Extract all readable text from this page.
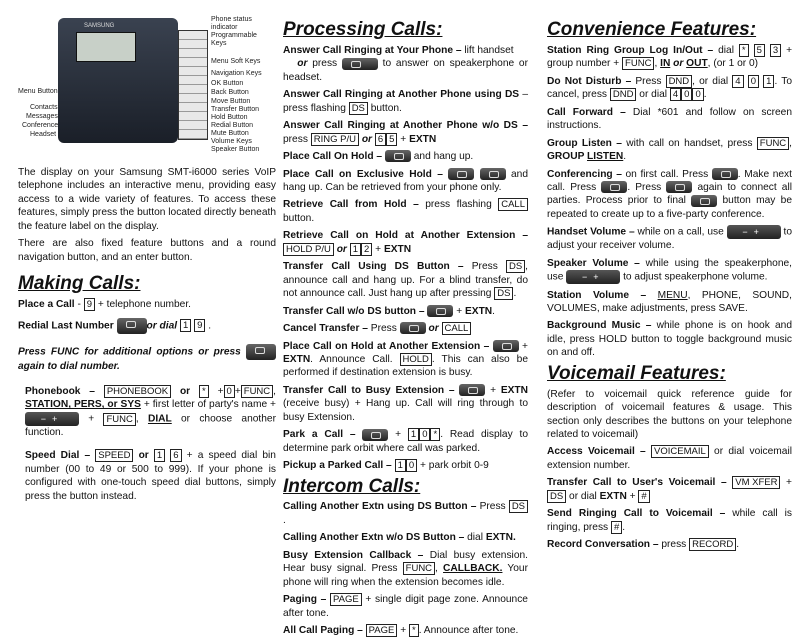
SAMSUNG
Phone status indicator
Programmable Keys
Menu Soft Keys
Navigation Keys
OK Button
Back Button
Move Button
Transfer Button
Hold Button
Redial Button
Mute Button
Volume Keys
Speaker Button
Menu Button
Contacts
Messages
Conference
Headset
The display on your Samsung SMT-i6000 series VoIP telephone includes an interactive menu, providing easy access to a wide variety of features. To access these features, simply press the button located directly beneath the feature label on the display.
There are also fixed feature buttons and a round navigation button, and an enter button.
Making Calls:
Place a Call - 9 + telephone number.
Redial Last Number	or dial 1 9 .
Press FUNC for additional options or press  again to dial number.
Phonebook – PHONEBOOK or * + 0 + FUNC , STATION, PERS, or SYS + first letter of party's name + −+ + FUNC , DIAL or choose another function.
Speed Dial – SPEED or 1 6 + a speed dial bin number (00 to 49 or 500 to 999). If your phone is configured with one-touch speed dial buttons, simply press the button instead.
Processing Calls:
Answer Call Ringing at Your Phone – lift handset
or press	to answer on speakerphone or headset.
Answer Call Ringing at Another Phone using DS – press flashing DS button.
Answer Call Ringing at Another Phone w/o DS – press RING P/U or 6 5 + EXTN
Place Call On Hold –	and hang up.
Place Call on Exclusive Hold –	and hang up. Can be retrieved from your phone only.
Retrieve Call from Hold – press flashing CALL button.
Retrieve Call on Hold at Another Extension – HOLD P/U or 1 2 + EXTN
Transfer Call Using DS Button – Press DS , announce call and hang up. For a blind transfer, do not announce call. Just hang up after pressing DS .
Transfer Call w/o DS button –	+ EXTN.
Cancel Transfer – Press	or CALL
Place Call on Hold at Another Extension –	+ EXTN. Announce Call. HOLD . This can also be performed if destination extension is busy.
Transfer Call to Busy Extension –	+ EXTN (receive busy) + Hang up. Call will ring through to busy Extension.
Park a Call –	+ 1 0 * . Read display to determine park orbit where call was parked.
Pickup a Parked Call – 1 0 + park orbit 0-9
Intercom Calls:
Calling Another Extn using DS Button – Press DS.
Calling Another Extn w/o DS Button – dial EXTN.
Busy Extension Callback – Dial busy extension. Hear busy signal. Press FUNC , CALLBACK. Your phone will ring when the extension becomes idle.
Paging – PAGE + single digit page zone. Announce after tone.
All Call Paging – PAGE + * . Announce after tone.
Convenience Features:
Station Ring Group Log In/Out – dial * 5 3 + group number + FUNC , IN or OUT, (or 1 or 0)
Do Not Disturb – Press DND , or dial 4 0 1 . To cancel, press DND or dial 4 0 0 .
Call Forward – Dial *601 and follow on screen instructions.
Group Listen – with call on handset, press FUNC , GROUP LISTEN.
Conferencing – on first call. Press	. Make next call. Press	. Press	again to connect all parties. Process prior to final	button may be repeated to create up to a five-party conference.
Handset Volume – while on a call, use −+ to adjust your receiver volume.
Speaker Volume – while using the speakerphone, use −+ to adjust speakerphone volume.
Station Volume – MENU, PHONE, SOUND, VOLUMES, make adjustments, press SAVE.
Background Music – while phone is on hook and idle, press HOLD button to toggle background music on and off.
Voicemail Features:
(Refer to voicemail quick reference guide for description of voicemail features & usage. This section only describes the buttons on your telephone related to voicemail)
Access Voicemail – VOICEMAIL or dial voicemail extension number.
Transfer Call to User's Voicemail – VM XFER + DS or dial EXTN + #
Send Ringing Call to Voicemail – while call is ringing, press # .
Record Conversation – press RECORD .
